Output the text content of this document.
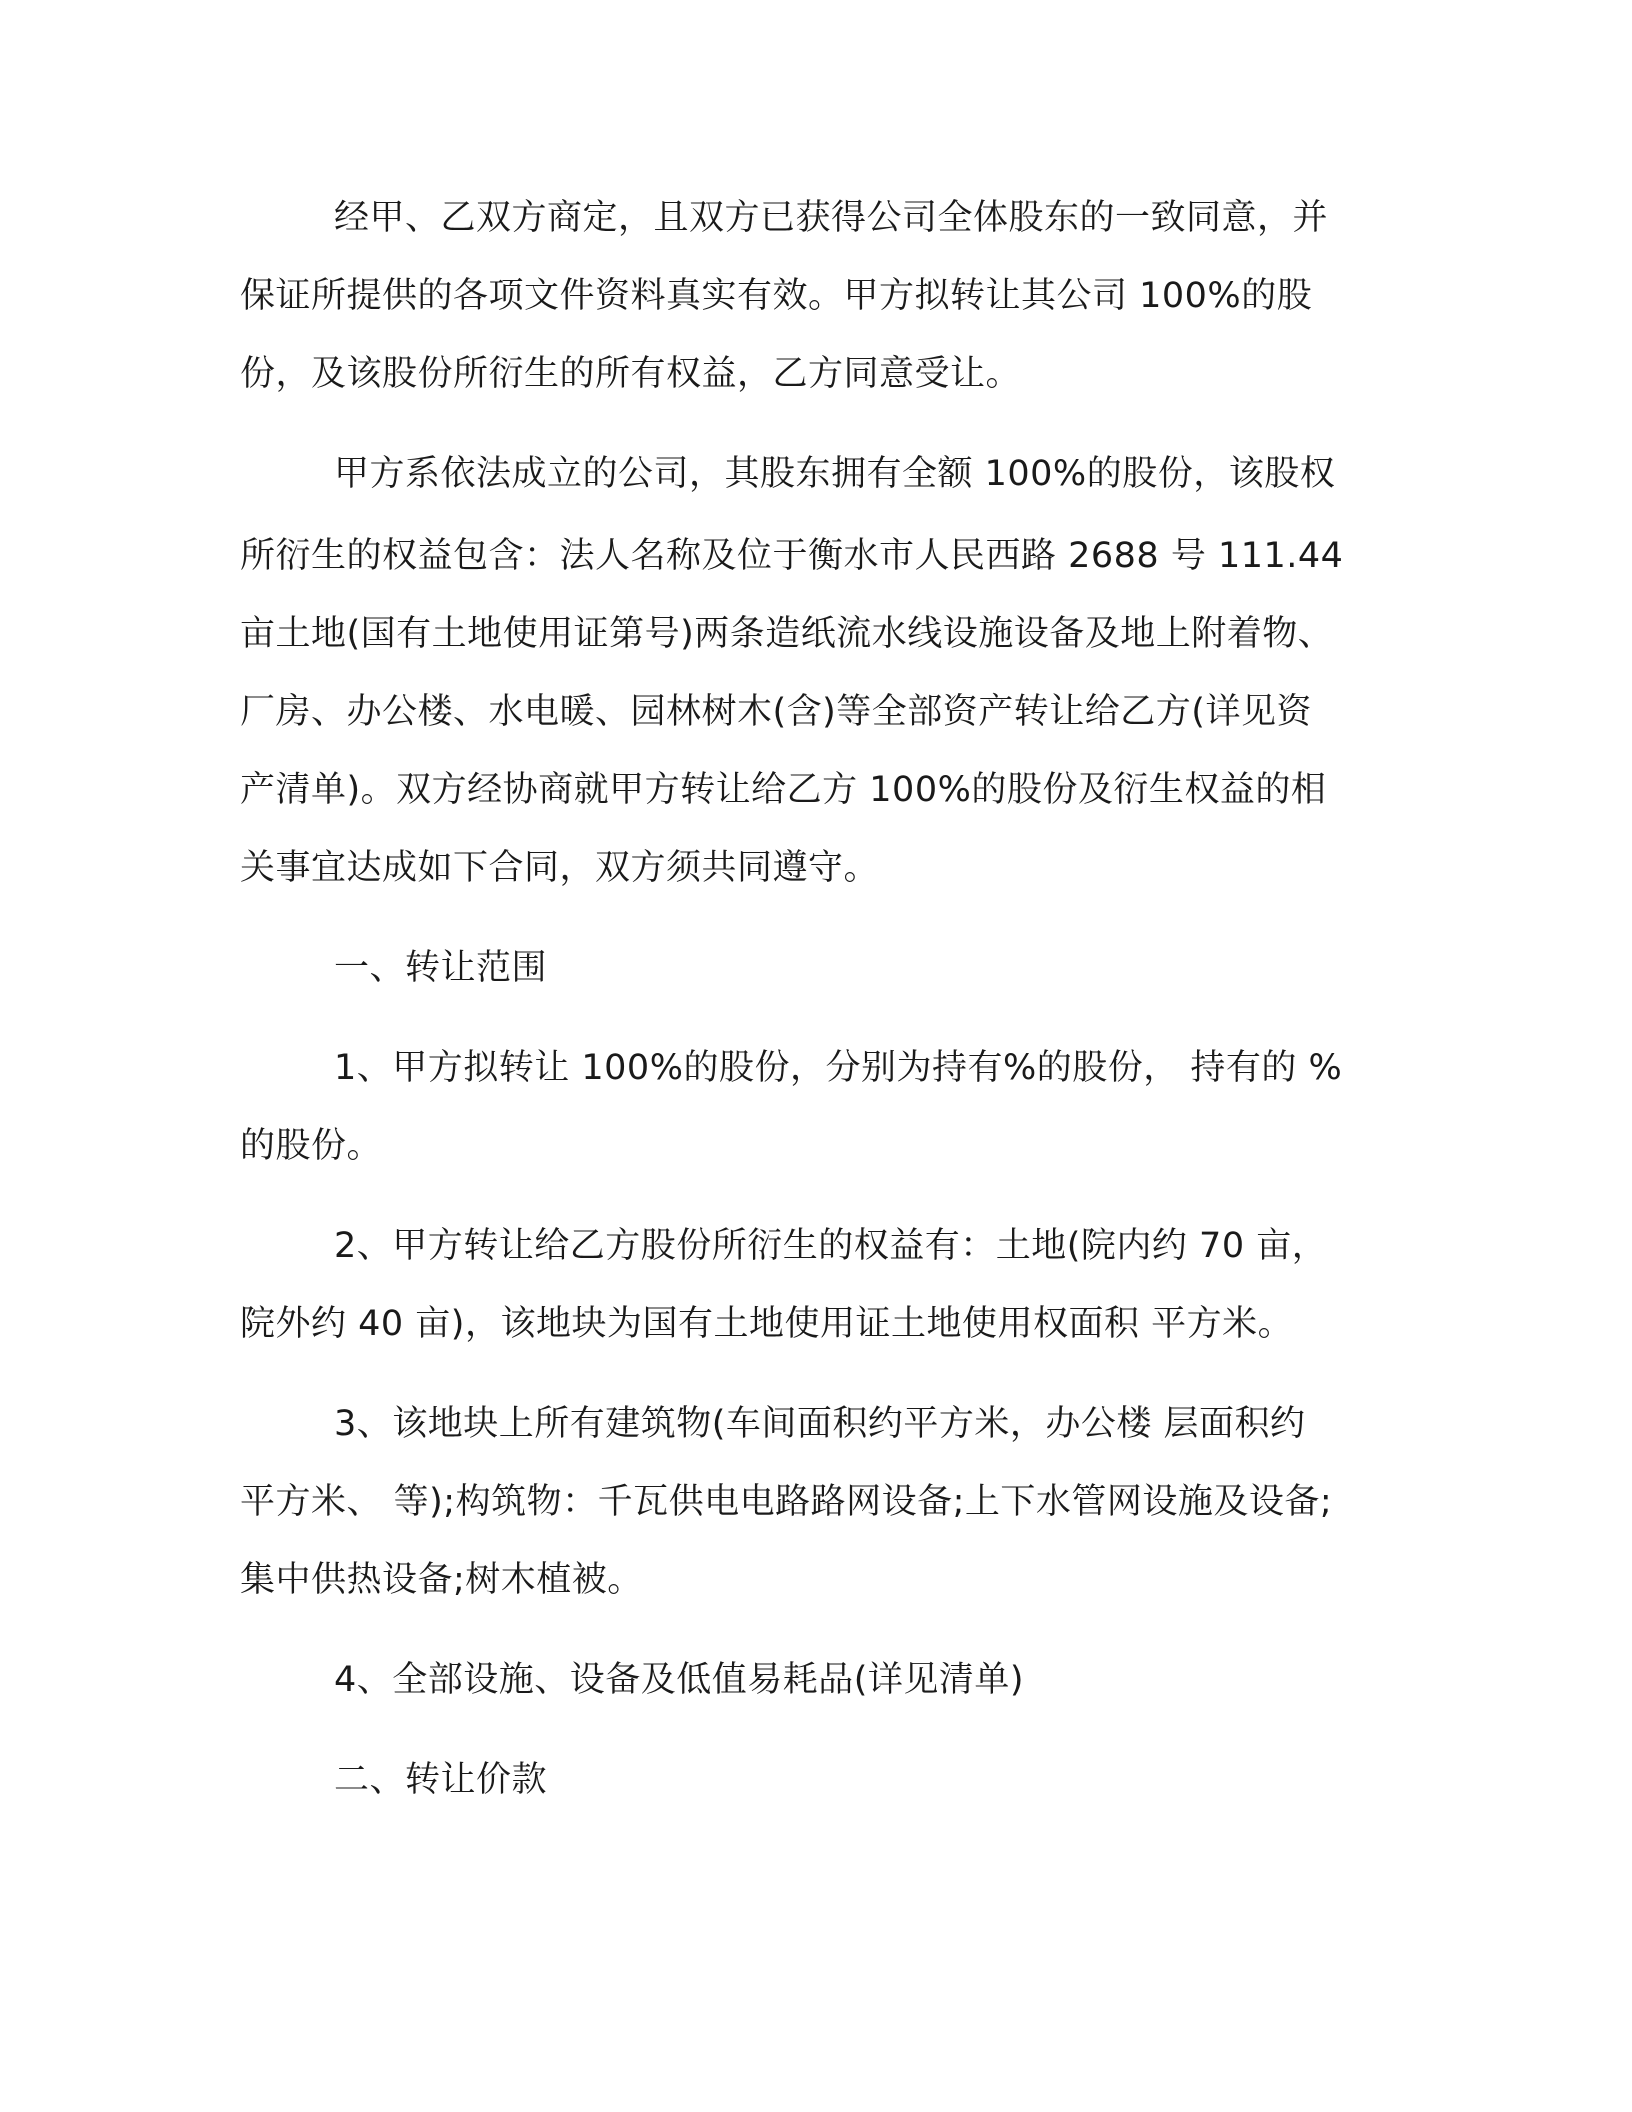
经甲、乙双方商定，且双方已获得公司全体股东的一致同意，并
保证所提供的各项文件资料真实有效。甲方拟转让其公司 100%的股
份，及该股份所衍生的所有权益，乙方同意受让。
甲方系依法成立的公司，其股东拥有全额 100%的股份，该股权
所衍生的权益包含：法人名称及位于衡水市人民西路 2688 号 111.44
亩土地(国有土地使用证第号)两条造纸流水线设施设备及地上附着物、
厂房、办公楼、水电暖、园林树木(含)等全部资产转让给乙方(详见资
产清单)。双方经协商就甲方转让给乙方 100%的股份及衍生权益的相
关事宜达成如下合同，双方须共同遵守。
一、转让范围
1、甲方拟转让 100%的股份，分别为持有%的股份， 持有的 %
的股份。
2、甲方转让给乙方股份所衍生的权益有：土地(院内约 70 亩，
院外约 40 亩)，该地块为国有土地使用证土地使用权面积 平方米。
3、该地块上所有建筑物(车间面积约平方米，办公楼 层面积约
平方米、 等);构筑物：千瓦供电电路路网设备;上下水管网设施及设备;
集中供热设备;树木植被。
4、全部设施、设备及低值易耗品(详见清单)
二、转让价款
